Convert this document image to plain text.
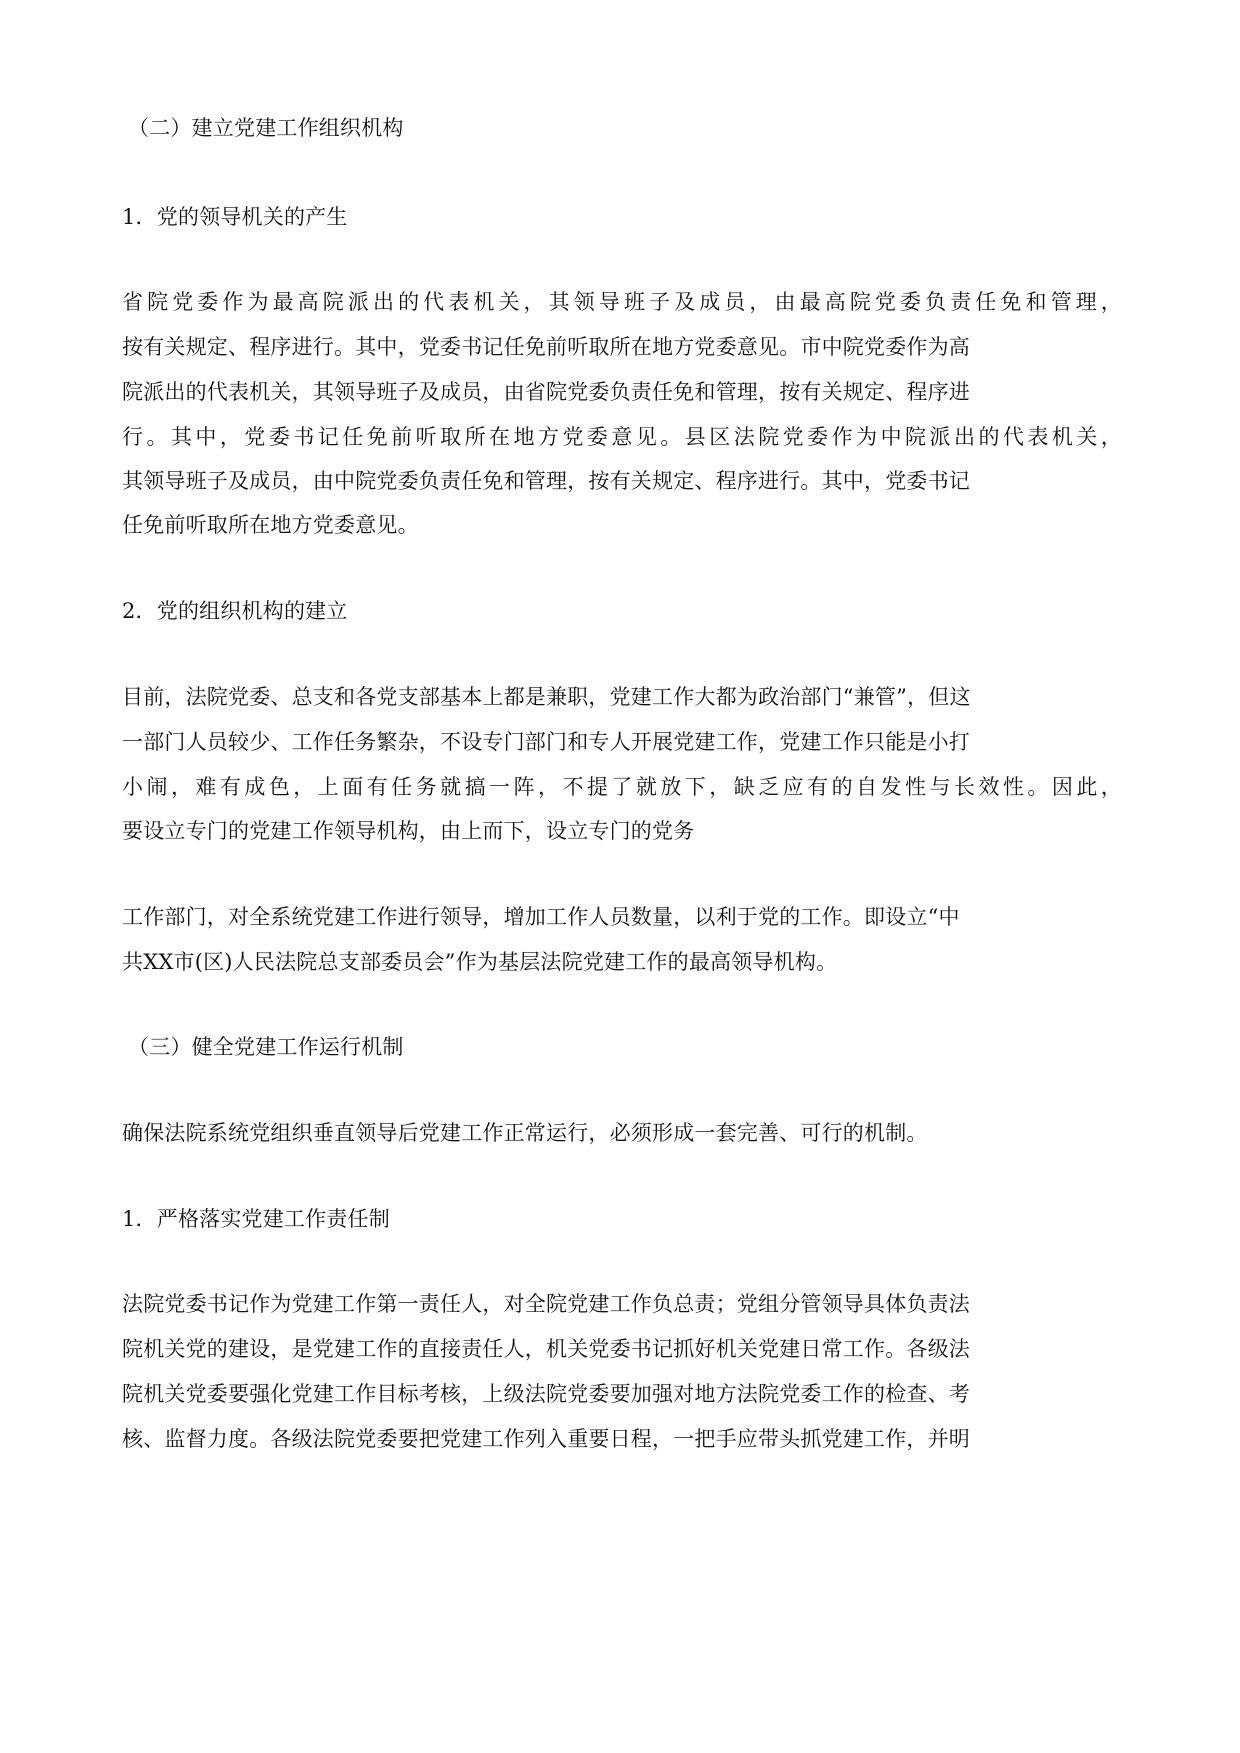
（二）建立党建工作组织机构
1．党的领导机关的产生
省院党委作为最高院派出的代表机关，其领导班子及成员，由最高院党委负责任免和管理，
按有关规定、程序进行。其中，党委书记任免前听取所在地方党委意见。市中院党委作为高
院派出的代表机关，其领导班子及成员，由省院党委负责任免和管理，按有关规定、程序进
行。其中，党委书记任免前听取所在地方党委意见。县区法院党委作为中院派出的代表机关，
其领导班子及成员，由中院党委负责任免和管理，按有关规定、程序进行。其中，党委书记
任免前听取所在地方党委意见。
2．党的组织机构的建立
目前，法院党委、总支和各党支部基本上都是兼职，党建工作大都为政治部门“兼管”，但这
一部门人员较少、工作任务繁杂，不设专门部门和专人开展党建工作，党建工作只能是小打
小闹，难有成色，上面有任务就搞一阵，不提了就放下，缺乏应有的自发性与长效性。因此，
要设立专门的党建工作领导机构，由上而下，设立专门的党务
工作部门，对全系统党建工作进行领导，增加工作人员数量，以利于党的工作。即设立“中
共XX市(区)人民法院总支部委员会”作为基层法院党建工作的最高领导机构。
（三）健全党建工作运行机制
确保法院系统党组织垂直领导后党建工作正常运行，必须形成一套完善、可行的机制。
1．严格落实党建工作责任制
法院党委书记作为党建工作第一责任人，对全院党建工作负总责；党组分管领导具体负责法
院机关党的建设，是党建工作的直接责任人，机关党委书记抓好机关党建日常工作。各级法
院机关党委要强化党建工作目标考核，上级法院党委要加强对地方法院党委工作的检查、考
核、监督力度。各级法院党委要把党建工作列入重要日程，一把手应带头抓党建工作，并明
